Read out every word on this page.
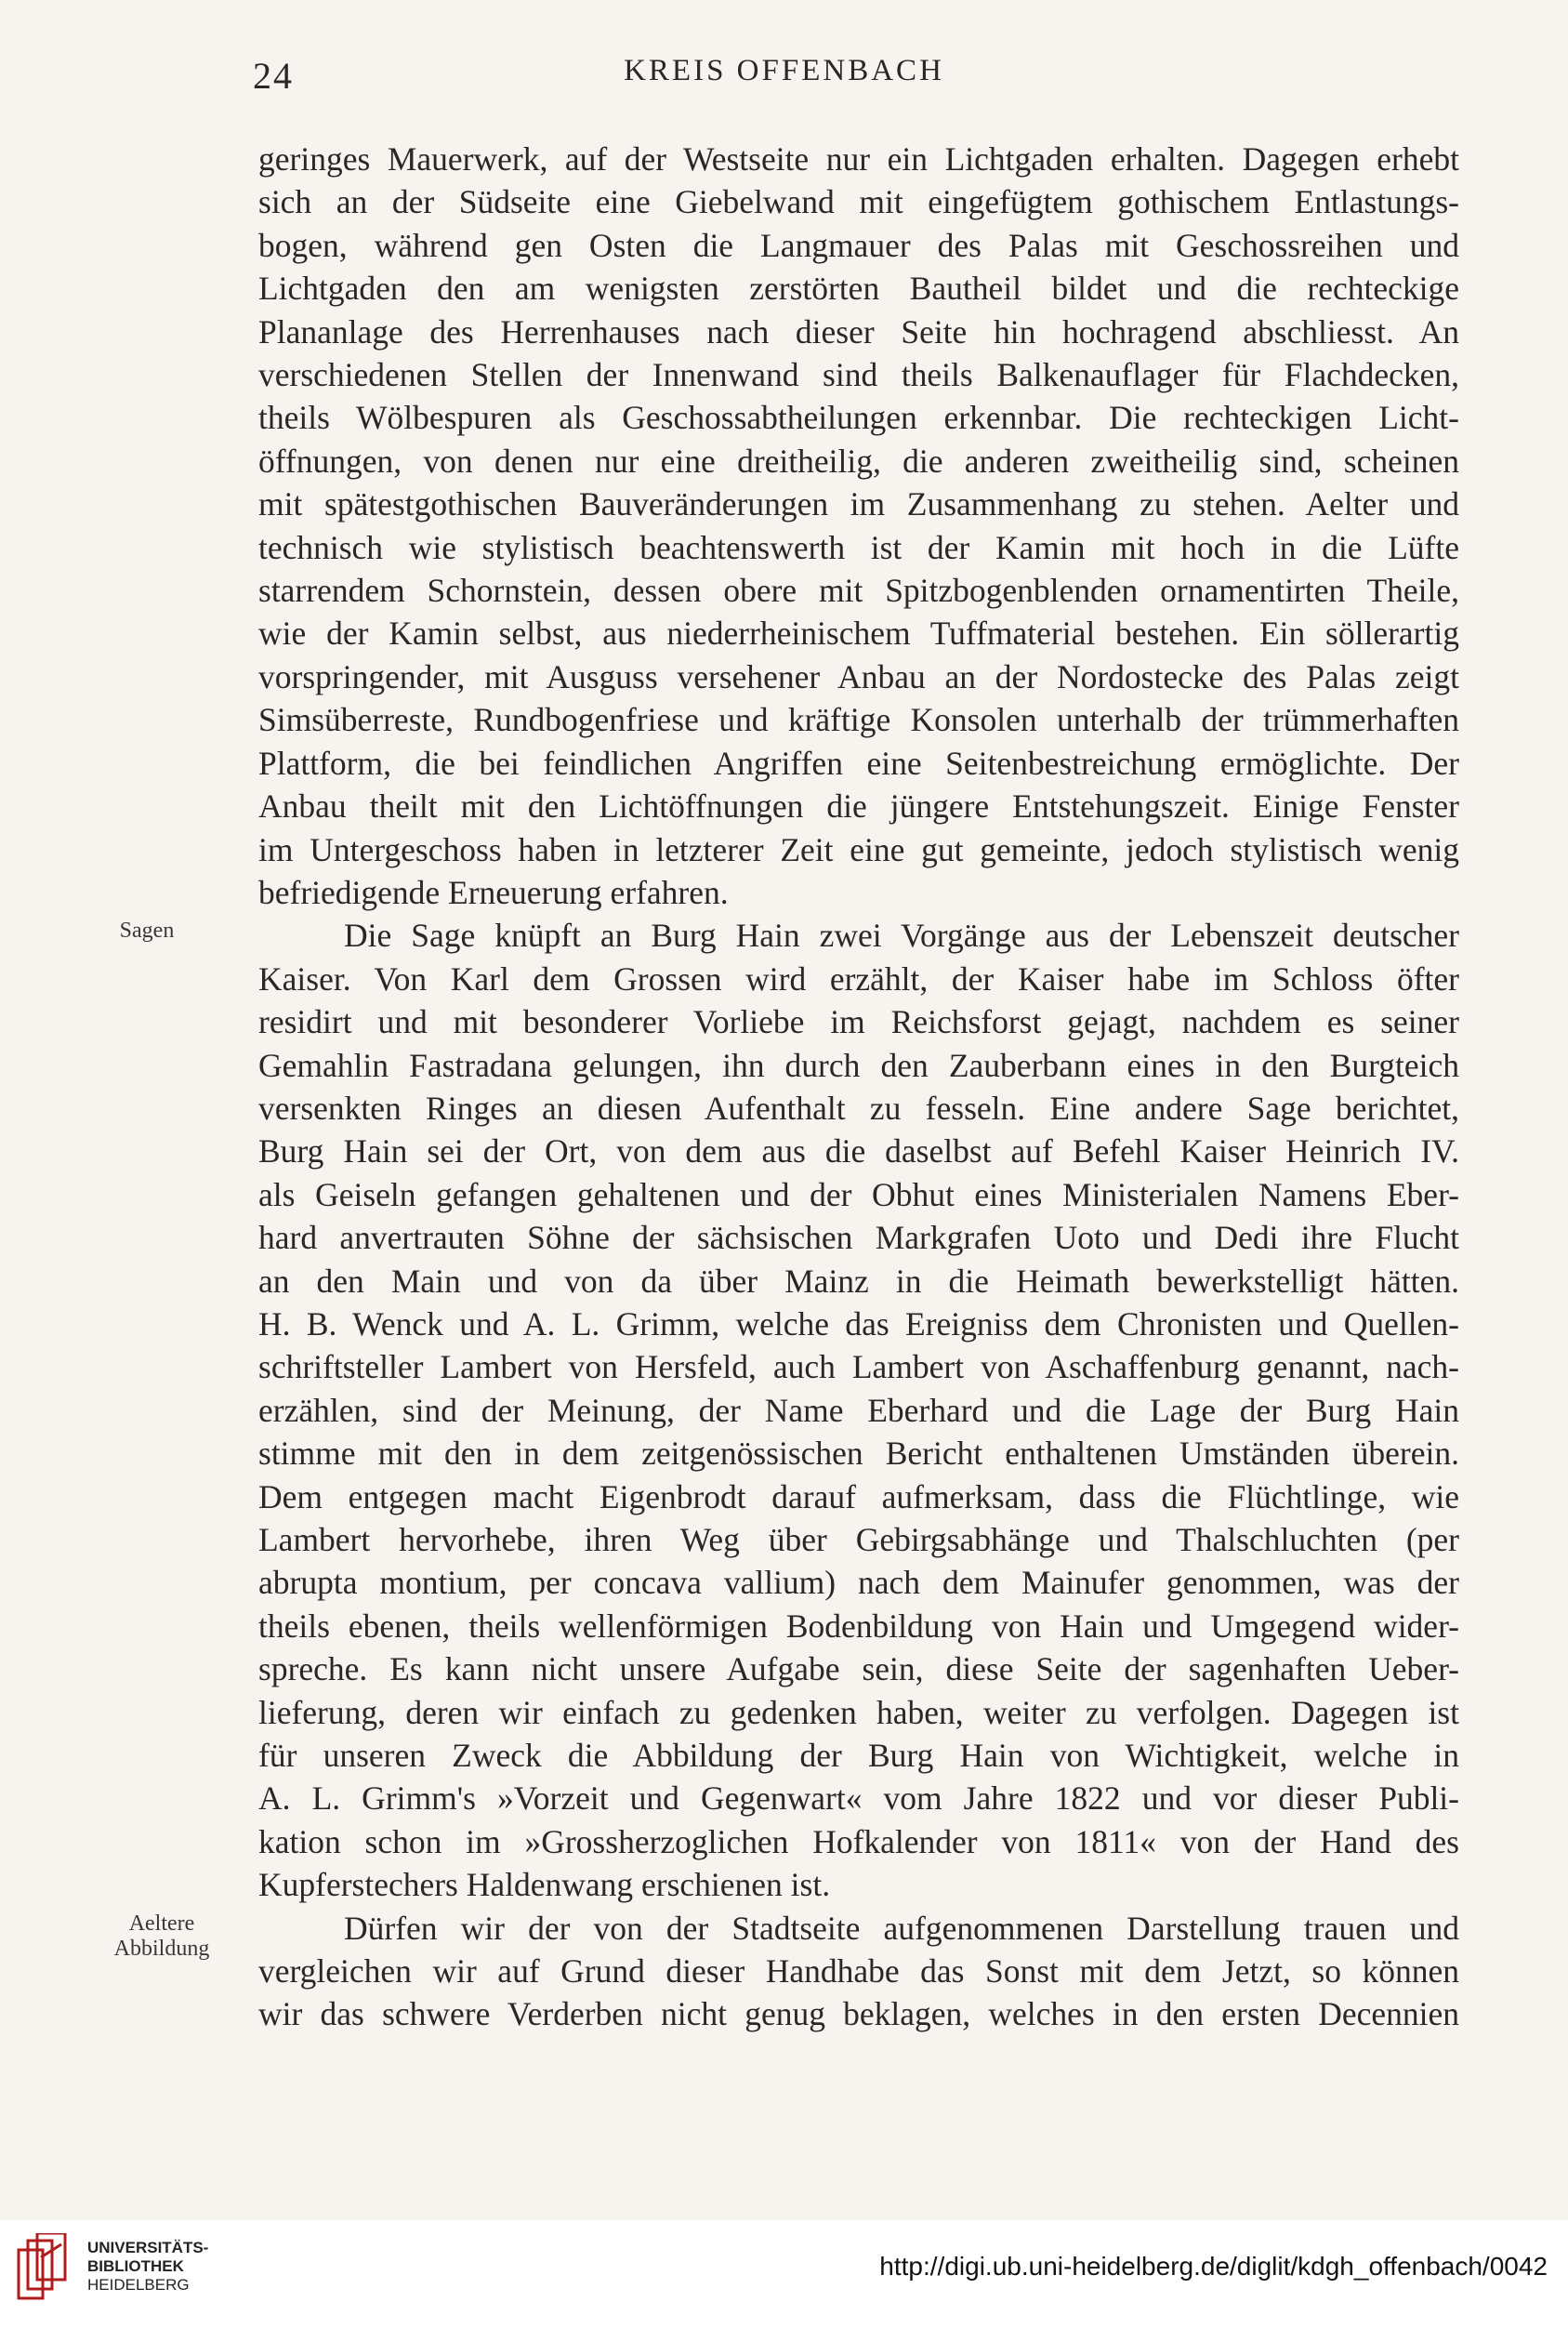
24	KREIS OFFENBACH
Sagen
Aeltere
Abbildung
geringes Mauerwerk, auf der Westseite nur ein Lichtgaden erhalten. Dagegen erhebt
sich an der Südseite eine Giebelwand mit eingefügtem gothischem Entlastungs-
bogen, während gen Osten die Langmauer des Palas mit Geschossreihen und
Lichtgaden den am wenigsten zerstörten Bautheil bildet und die rechteckige
Plananlage des Herrenhauses nach dieser Seite hin hochragend abschliesst. An
verschiedenen Stellen der Innenwand sind theils Balkenauflager für Flachdecken,
theils Wölbespuren als Geschossabtheilungen erkennbar. Die rechteckigen Licht-
öffnungen, von denen nur eine dreitheilig, die anderen zweitheilig sind, scheinen
mit spätestgothischen Bauveränderungen im Zusammenhang zu stehen. Aelter und
technisch wie stylistisch beachtenswerth ist der Kamin mit hoch in die Lüfte
starrendem Schornstein, dessen obere mit Spitzbogenblenden ornamentirten Theile,
wie der Kamin selbst, aus niederrheinischem Tuffmaterial bestehen. Ein söllerartig
vorspringender, mit Ausguss versehener Anbau an der Nordostecke des Palas zeigt
Simsüberreste, Rundbogenfriese und kräftige Konsolen unterhalb der trümmerhaften
Plattform, die bei feindlichen Angriffen eine Seitenbestreichung ermöglichte. Der
Anbau theilt mit den Lichtöffnungen die jüngere Entstehungszeit. Einige Fenster
im Untergeschoss haben in letzterer Zeit eine gut gemeinte, jedoch stylistisch wenig
befriedigende Erneuerung erfahren.
Die Sage knüpft an Burg Hain zwei Vorgänge aus der Lebenszeit deutscher
Kaiser. Von Karl dem Grossen wird erzählt, der Kaiser habe im Schloss öfter
residirt und mit besonderer Vorliebe im Reichsforst gejagt, nachdem es seiner
Gemahlin Fastradana gelungen, ihn durch den Zauberbann eines in den Burgteich
versenkten Ringes an diesen Aufenthalt zu fesseln. Eine andere Sage berichtet,
Burg Hain sei der Ort, von dem aus die daselbst auf Befehl Kaiser Heinrich IV.
als Geiseln gefangen gehaltenen und der Obhut eines Ministerialen Namens Eber-
hard anvertrauten Söhne der sächsischen Markgrafen Uoto und Dedi ihre Flucht
an den Main und von da über Mainz in die Heimath bewerkstelligt hätten.
H. B. Wenck und A. L. Grimm, welche das Ereigniss dem Chronisten und Quellen-
schriftsteller Lambert von Hersfeld, auch Lambert von Aschaffenburg genannt, nach-
erzählen, sind der Meinung, der Name Eberhard und die Lage der Burg Hain
stimme mit den in dem zeitgenössischen Bericht enthaltenen Umständen überein.
Dem entgegen macht Eigenbrodt darauf aufmerksam, dass die Flüchtlinge, wie
Lambert hervorhebe, ihren Weg über Gebirgsabhänge und Thalschluchten (per
abrupta montium, per concava vallium) nach dem Mainufer genommen, was der
theils ebenen, theils wellenförmigen Bodenbildung von Hain und Umgegend wider-
spreche. Es kann nicht unsere Aufgabe sein, diese Seite der sagenhaften Ueber-
lieferung, deren wir einfach zu gedenken haben, weiter zu verfolgen. Dagegen ist
für unseren Zweck die Abbildung der Burg Hain von Wichtigkeit, welche in
A. L. Grimm's »Vorzeit und Gegenwart« vom Jahre 1822 und vor dieser Publi-
kation schon im »Grossherzoglichen Hofkalender von 1811« von der Hand des
Kupferstechers Haldenwang erschienen ist.
Dürfen wir der von der Stadtseite aufgenommenen Darstellung trauen und
vergleichen wir auf Grund dieser Handhabe das Sonst mit dem Jetzt, so können
wir das schwere Verderben nicht genug beklagen, welches in den ersten Decennien
UNIVERSITÄTS-
BIBLIOTHEK
HEIDELBERG
http://digi.ub.uni-heidelberg.de/diglit/kdgh_offenbach/0042
